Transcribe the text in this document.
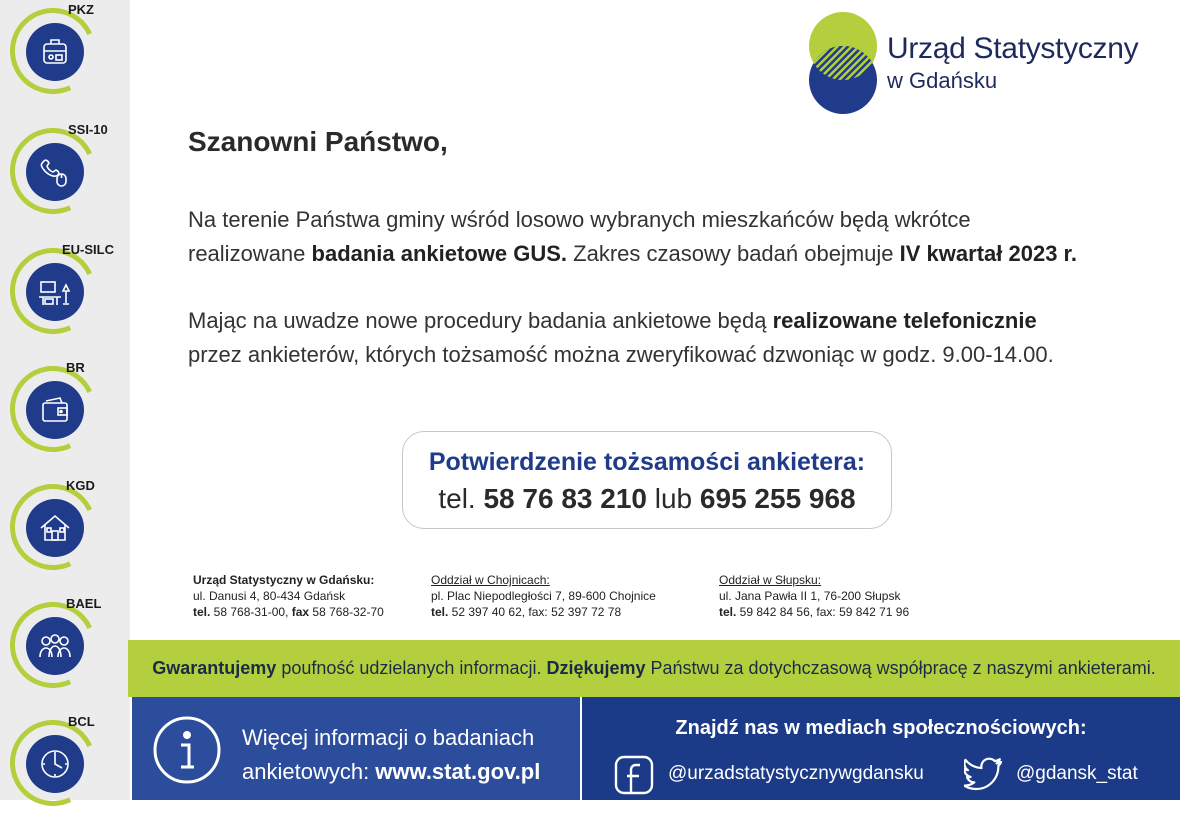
PKZ
SSI-10
EU-SILC
BR
KGD
BAEL
BCL
Urząd Statystyczny
w Gdańsku
Szanowni Państwo,
Na terenie Państwa gminy wśród losowo wybranych mieszkańców będą wkrótce
realizowane badania ankietowe GUS. Zakres czasowy badań obejmuje IV kwartał 2023 r.
Mając na uwadze nowe procedury badania ankietowe będą realizowane telefonicznie
przez ankieterów, których tożsamość można zweryfikować dzwoniąc w godz. 9.00-14.00.
Potwierdzenie tożsamości ankietera:
tel. 58 76 83 210 lub 695 255 968
Urząd Statystyczny w Gdańsku:
ul. Danusi 4, 80-434 Gdańsk
tel. 58 768-31-00, fax 58 768-32-70
Oddział w Chojnicach:
pl. Plac Niepodległości 7, 89-600 Chojnice
tel. 52 397 40 62, fax: 52 397 72 78
Oddział w Słupsku:
ul. Jana Pawła II 1, 76-200 Słupsk
tel. 59 842 84 56, fax: 59 842 71 96
Gwarantujemy poufność udzielanych informacji. Dziękujemy Państwu za dotychczasową współpracę z naszymi ankieterami.
Więcej informacji o badaniach
ankietowych: www.stat.gov.pl
Znajdź nas w mediach społecznościowych:
@urzadstatystycznywgdansku	@gdansk_stat
